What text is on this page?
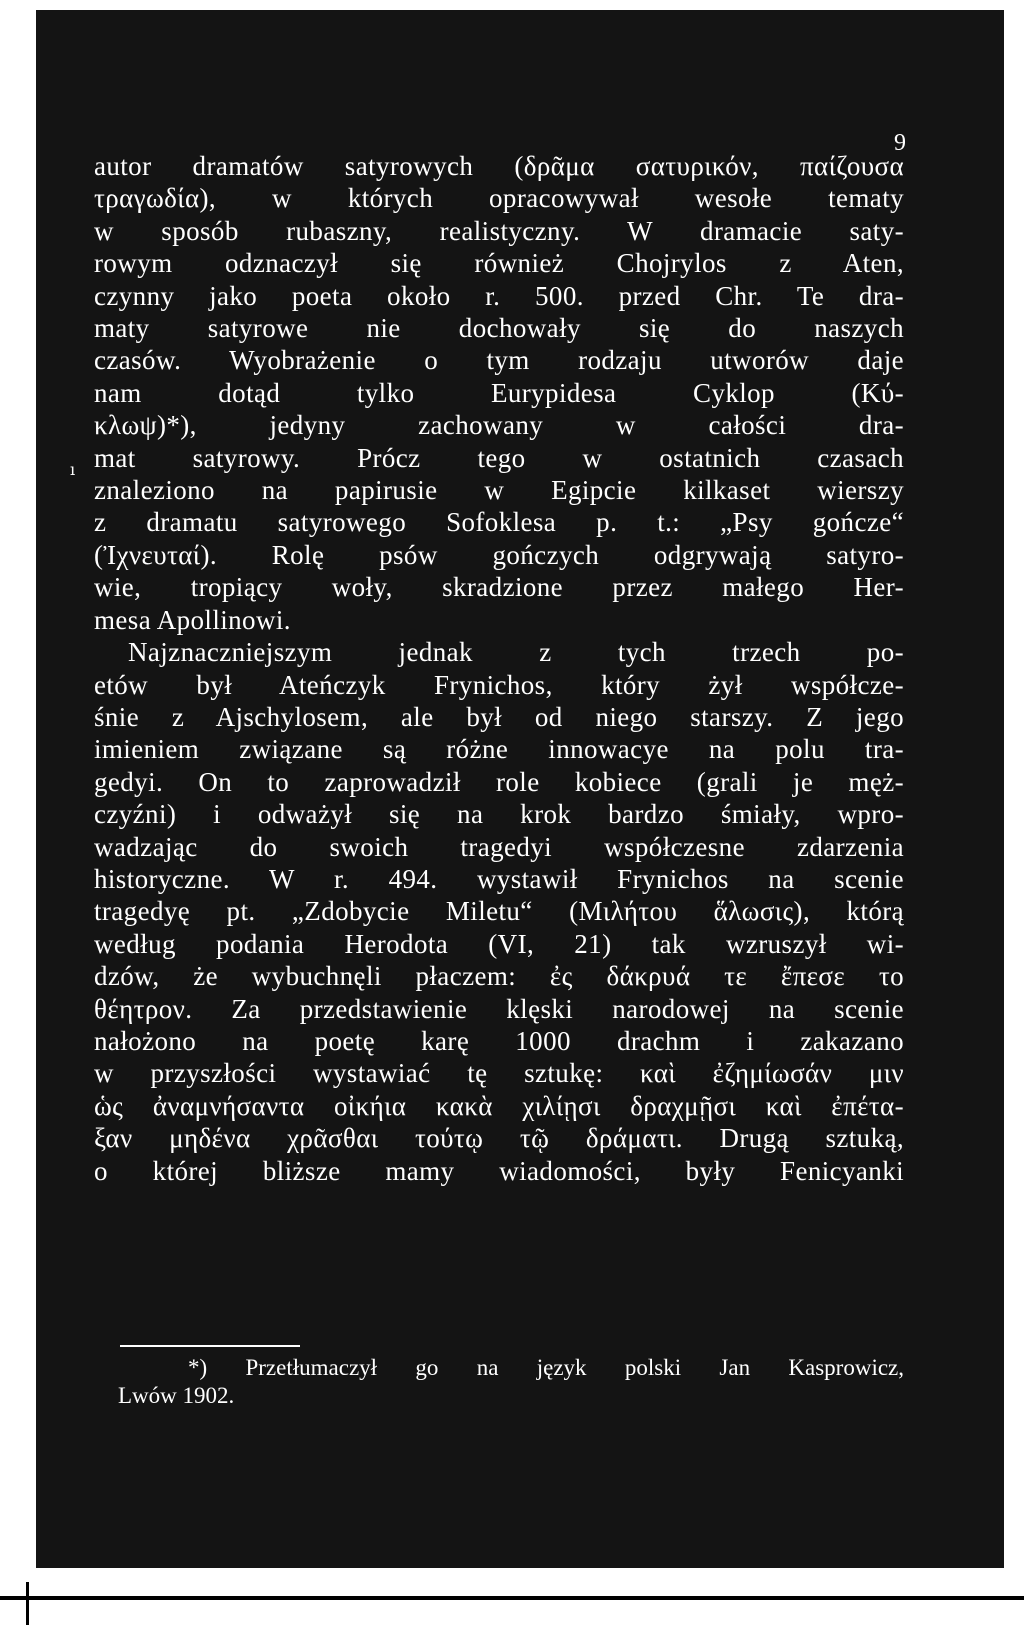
9
ı

autor dramatów satyrowych (δρᾶμα σατυρικόν, παίζουσα
τραγωδία), w których opracowywał wesołe tematy
w sposób rubaszny, realistyczny. W dramacie saty-
rowym odznaczył się również Chojrylos z Aten,
czynny jako poeta około r. 500. przed Chr. Te dra-
maty satyrowe nie dochowały się do naszych
czasów. Wyobrażenie o tym rodzaju utworów daje
nam dotąd tylko Eurypidesa Cyklop (Κύ-
κλωψ)*), jedyny zachowany w całości dra-
mat satyrowy. Prócz tego w ostatnich czasach
znaleziono na papirusie w Egipcie kilkaset wierszy
z dramatu satyrowego Sofoklesa p. t.: „Psy gończe“
(Ἰχνευταί). Rolę psów gończych odgrywają satyro-
wie, tropiący woły, skradzione przez małego Her-
mesa Apollinowi.

Najznaczniejszym jednak z tych trzech po-
etów był Ateńczyk Frynichos, który żył współcze-
śnie z Ajschylosem, ale był od niego starszy. Z jego
imieniem związane są różne innowacye na polu tra-
gedyi. On to zaprowadził role kobiece (grali je męż-
czyźni) i odważył się na krok bardzo śmiały, wpro-
wadzając do swoich tragedyi współczesne zdarzenia
historyczne. W r. 494. wystawił Frynichos na scenie
tragedyę pt. „Zdobycie Miletu“ (Μιλήτου ἅλωσις), którą
według podania Herodota (VI, 21) tak wzruszył wi-
dzów, że wybuchnęli płaczem: ἐς δάκρυά τε ἔπεσε το
θέητρον. Za przedstawienie klęski narodowej na scenie
nałożono na poetę karę 1000 drachm i zakazano
w przyszłości wystawiać tę sztukę: καὶ ἐζημίωσάν μιν
ὡς ἀναμνήσαντα οἰκήια κακὰ χιλίῃσι δραχμῇσι καὶ ἐπέτα-
ξαν μηδένα χρᾶσθαι τούτῳ τῷ δράματι. Drugą sztuką,
o której bliższe mamy wiadomości, były Fenicyanki

*) Przetłumaczył go na język polski Jan Kasprowicz,
Lwów 1902.
